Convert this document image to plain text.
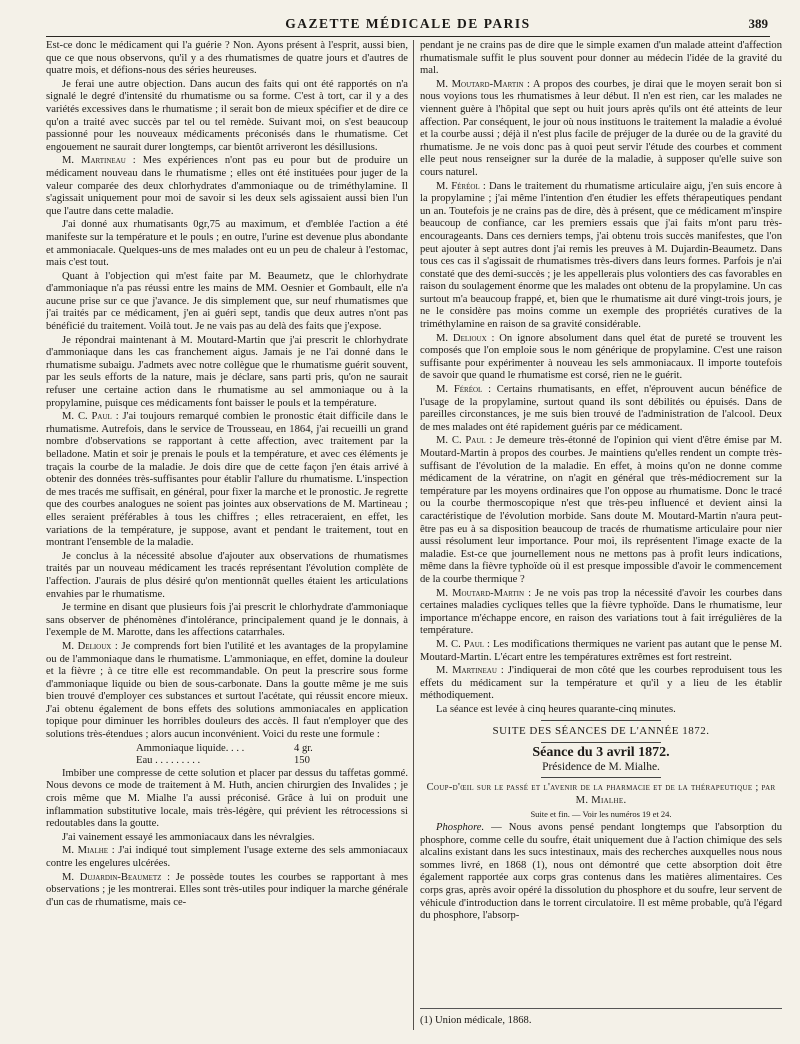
GAZETTE MÉDICALE DE PARIS	389

Est-ce donc le médicament qui l'a guérie ? Non. Ayons présent à l'esprit, aussi bien, que ce que nous observons, qu'il y a des rhumatismes de quatre jours et d'autres de quatre mois, et défions-nous des séries heureuses.

Je ferai une autre objection. Dans aucun des faits qui ont été rapportés on n'a signalé le degré d'intensité du rhumatisme ou sa forme. C'est à tort, car il y a des variétés excessives dans le rhumatisme ; il serait bon de mieux spécifier et de dire ce qu'on a traité avec succès par tel ou tel remède. Suivant moi, on s'est beaucoup passionné pour les nouveaux médicaments préconisés dans le rhumatisme. Cet engouement ne saurait durer longtemps, car bientôt arriveront les désillusions.

M. Martineau : Mes expériences n'ont pas eu pour but de produire un médicament nouveau dans le rhumatisme ; elles ont été instituées pour juger de la valeur comparée des deux chlorhydrates d'ammoniaque ou de triméthylamine. Il s'agissait uniquement pour moi de savoir si les deux sels agissaient aussi bien l'un que l'autre dans cette maladie.

J'ai donné aux rhumatisants 0gr,75 au maximum, et d'emblée l'action a été manifeste sur la température et le pouls ; en outre, l'urine est devenue plus abondante et ammoniacale. Quelques-uns de mes malades ont eu un peu de chaleur à l'estomac, mais c'est tout.

Quant à l'objection qui m'est faite par M. Beaumetz, que le chlorhydrate d'ammoniaque n'a pas réussi entre les mains de MM. Oesnier et Gombault, elle n'a aucune prise sur ce que j'avance. Je dis simplement que, sur neuf rhumatismes que j'ai traités par ce médicament, j'en ai guéri sept, tandis que deux autres n'ont pas bénéficié du traitement. Voilà tout. Je ne vais pas au delà des faits que j'expose.

Je répondrai maintenant à M. Moutard-Martin que j'ai prescrit le chlorhydrate d'ammoniaque dans les cas franchement aigus. Jamais je ne l'ai donné dans le rhumatisme subaigu. J'admets avec notre collègue que le rhumatisme guérit souvent, par les seuls efforts de la nature, mais je déclare, sans parti pris, qu'on ne saurait refuser une certaine action dans le rhumatisme au sel ammoniaque ou à la propylamine, puisque ces médicaments font baisser le pouls et la température.

M. C. Paul : J'ai toujours remarqué combien le pronostic était difficile dans le rhumatisme. Autrefois, dans le service de Trousseau, en 1864, j'ai recueilli un grand nombre d'observations se rapportant à cette affection, avec traitement par la belladone. Matin et soir je prenais le pouls et la température, et avec ces éléments je traçais la courbe de la maladie. Je dois dire que de cette façon j'en étais arrivé à obtenir des données très-suffisantes pour établir l'allure du rhumatisme. L'inspection de mes tracés me suffisait, en général, pour fixer la marche et le pronostic. Je regrette que des courbes analogues ne soient pas jointes aux observations de M. Martineau ; elles seraient préférables à tous les chiffres ; elles retraceraient, en effet, les variations de la température, je suppose, avant et pendant le traitement, tout en montrant l'ensemble de la maladie.

Je conclus à la nécessité absolue d'ajouter aux observations de rhumatismes traités par un nouveau médicament les tracés représentant l'évolution complète de l'affection. J'aurais de plus désiré qu'on mentionnât quelles étaient les articulations envahies par le rhumatisme.

Je termine en disant que plusieurs fois j'ai prescrit le chlorhydrate d'ammoniaque sans observer de phénomènes d'intolérance, principalement quand je le donnais, à l'exemple de M. Marotte, dans les affections catarrhales.

M. Delioux : Je comprends fort bien l'utilité et les avantages de la propylamine ou de l'ammoniaque dans le rhumatisme. L'ammoniaque, en effet, domine la douleur et la fièvre ; à ce titre elle est recommandable. On peut la prescrire sous forme d'ammoniaque liquide ou bien de sous-carbonate. Dans la goutte même je me suis bien trouvé d'employer ces substances et surtout l'acétate, qui réussit encore mieux. J'ai obtenu également de bons effets des solutions ammoniacales en application topique pour diminuer les horribles douleurs des accès. Il faut n'employer que des solutions très-étendues ; alors aucun inconvénient. Voici du reste une formule :

Ammoniaque liquide. . . .	4 gr.
Eau . . . . . . . . .	150

Imbiber une compresse de cette solution et placer par dessus du taffetas gommé. Nous devons ce mode de traitement à M. Huth, ancien chirurgien des Invalides ; je crois même que M. Mialhe l'a aussi préconisé. Grâce à lui on produit une inflammation substitutive locale, mais très-légère, qui prévient les rétrocessions si redoutables dans la goutte.

J'ai vainement essayé les ammoniacaux dans les névralgies.

M. Mialhe : J'ai indiqué tout simplement l'usage externe des sels ammoniacaux contre les engelures ulcérées.

M. Dujardin-Beaumetz : Je possède toutes les courbes se rapportant à mes observations ; je les montrerai. Elles sont très-utiles pour indiquer la marche générale d'un cas de rhumatisme, mais ce-

pendant je ne crains pas de dire que le simple examen d'un malade atteint d'affection rhumatismale suffit le plus souvent pour donner au médecin l'idée de la gravité du mal.

M. Moutard-Martin : A propos des courbes, je dirai que le moyen serait bon si nous voyions tous les rhumatismes à leur début. Il n'en est rien, car les malades ne viennent guère à l'hôpital que sept ou huit jours après qu'ils ont été atteints de leur affection. Par conséquent, le jour où nous instituons le traitement la maladie a évolué et la courbe aussi ; déjà il n'est plus facile de préjuger de la durée ou de la gravité du rhumatisme. Je ne vois donc pas à quoi peut servir l'étude des courbes et comment elle peut nous renseigner sur la durée de la maladie, à supposer qu'elle suive son cours naturel.

M. Féréol : Dans le traitement du rhumatisme articulaire aigu, j'en suis encore à la propylamine ; j'ai même l'intention d'en étudier les effets thérapeutiques pendant un an. Toutefois je ne crains pas de dire, dès à présent, que ce médicament m'inspire beaucoup de confiance, car les premiers essais que j'ai faits m'ont paru très-encourageants. Dans ces derniers temps, j'ai obtenu trois succès manifestes, que l'on peut ajouter à sept autres dont j'ai remis les preuves à M. Dujardin-Beaumetz. Dans tous ces cas il s'agissait de rhumatismes très-divers dans leurs formes. Parfois je n'ai constaté que des demi-succès ; je les appellerais plus volontiers des cas favorables en raison du soulagement énorme que les malades ont obtenu de la propylamine. Un cas surtout m'a beaucoup frappé, et, bien que le rhumatisme ait duré vingt-trois jours, je ne le considère pas moins comme un exemple des propriétés curatives de la triméthylamine en raison de sa gravité considérable.

M. Delioux : On ignore absolument dans quel état de pureté se trouvent les composés que l'on emploie sous le nom générique de propylamine. C'est une raison suffisante pour expérimenter à nouveau les sels ammoniacaux. Il importe toutefois de savoir que quand le rhumatisme est corsé, rien ne le guérit.

M. Féréol : Certains rhumatisants, en effet, n'éprouvent aucun bénéfice de l'usage de la propylamine, surtout quand ils sont débilités ou épuisés. Dans de pareilles circonstances, je me suis bien trouvé de l'administration de l'alcool. Deux de mes malades ont été rapidement guéris par ce médicament.

M. C. Paul : Je demeure très-étonné de l'opinion qui vient d'être émise par M. Moutard-Martin à propos des courbes. Je maintiens qu'elles rendent un compte très-suffisant de l'évolution de la maladie. En effet, à moins qu'on ne donne comme médicament de la vératrine, on n'agit en général que très-médiocrement sur la température par les moyens ordinaires que l'on oppose au rhumatisme. Donc le tracé ou la courbe thermoscopique n'est que très-peu influencé et devient ainsi la caractéristique de l'évolution morbide. Sans doute M. Moutard-Martin n'aura peut-être pas eu à sa disposition beaucoup de tracés de rhumatisme articulaire pour nier aussi résolument leur importance. Pour moi, ils représentent l'image exacte de la maladie. Est-ce que journellement nous ne mettons pas à profit leurs indications, même dans la fièvre typhoïde où il est presque impossible d'avoir le commencement de la courbe thermique ?

M. Moutard-Martin : Je ne vois pas trop la nécessité d'avoir les courbes dans certaines maladies cycliques telles que la fièvre typhoïde. Dans le rhumatisme, leur importance m'échappe encore, en raison des variations tout à fait irrégulières de la température.

M. C. Paul : Les modifications thermiques ne varient pas autant que le pense M. Moutard-Martin. L'écart entre les températures extrêmes est fort restreint.

M. Martineau : J'indiquerai de mon côté que les courbes reproduisent tous les effets du médicament sur la température et qu'il y a lieu de les établir méthodiquement.

La séance est levée à cinq heures quarante-cinq minutes.

SUITE DES SÉANCES DE L'ANNÉE 1872.

Séance du 3 avril 1872.

Présidence de M. Mialhe.

Coup-d'œil sur le passé et l'avenir de la pharmacie et de la thérapeutique ; par M. Mialhe.

Suite et fin. — Voir les numéros 19 et 24.

Phosphore. — Nous avons pensé pendant longtemps que l'absorption du phosphore, comme celle du soufre, était uniquement due à l'action chimique des sels alcalins existant dans les sucs intestinaux, mais des recherches auxquelles nous nous sommes livré, en 1868 (1), nous ont démontré que cette absorption doit être également rapportée aux corps gras contenus dans les matières alimentaires. Ces corps gras, après avoir opéré la dissolution du phosphore et du soufre, leur servent de véhicule d'introduction dans le torrent circulatoire. Il est même probable, qu'à l'égard du phosphore, l'absorp-

(1) Union médicale, 1868.
